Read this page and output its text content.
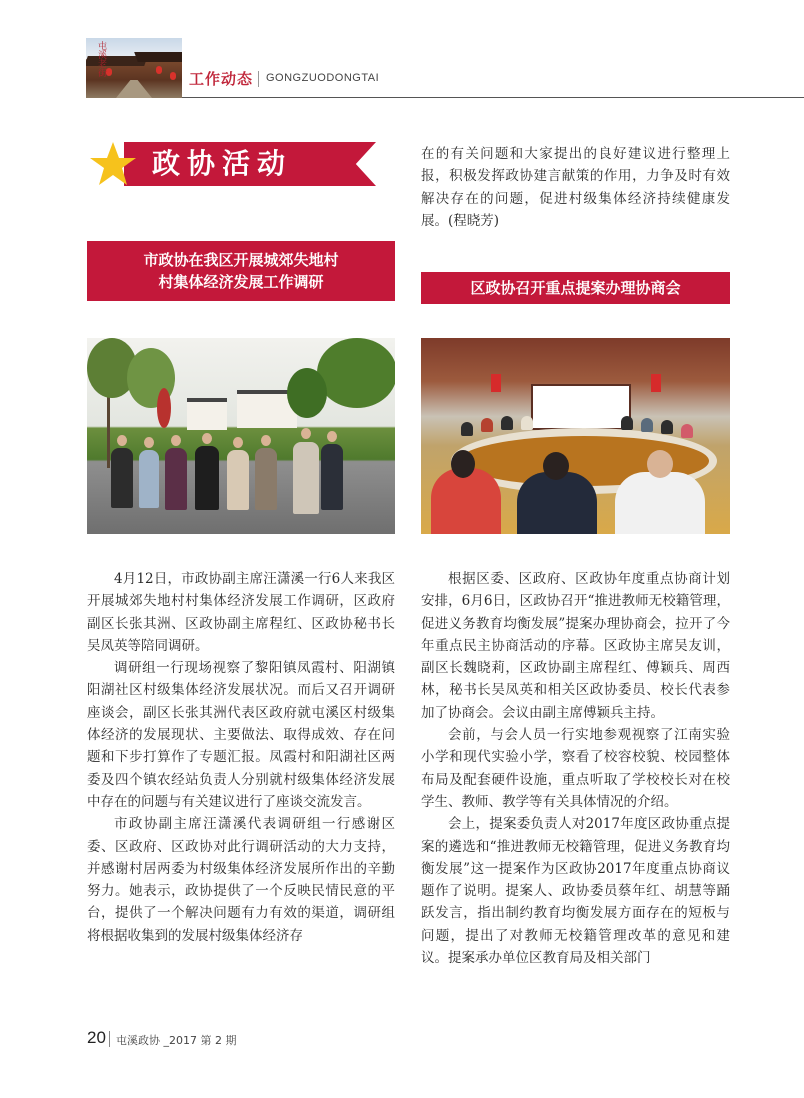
屯溪老街
工作动态 GONGZUODONGTAI
政协活动	在的有关问题和大家提出的良好建议进行整理上报，积极发挥政协建言献策的作用，力争及时有效解决存在的问题，促进村级集体经济持续健康发展。(程晓芳)

市政协在我区开展城郊失地村
村集体经济发展工作调研	区政协召开重点提案办理协商会

4月12日，市政协副主席汪潇溪一行6人来我区开展城郊失地村村集体经济发展工作调研，区政府副区长张其洲、区政协副主席程红、区政协秘书长吴凤英等陪同调研。

调研组一行现场视察了黎阳镇凤霞村、阳湖镇阳湖社区村级集体经济发展状况。而后又召开调研座谈会，副区长张其洲代表区政府就屯溪区村级集体经济的发展现状、主要做法、取得成效、存在问题和下步打算作了专题汇报。凤霞村和阳湖社区两委及四个镇农经站负责人分别就村级集体经济发展中存在的问题与有关建议进行了座谈交流发言。

市政协副主席汪潇溪代表调研组一行感谢区委、区政府、区政协对此行调研活动的大力支持，并感谢村居两委为村级集体经济发展所作出的辛勤努力。她表示，政协提供了一个反映民情民意的平台，提供了一个解决问题有力有效的渠道，调研组将根据收集到的发展村级集体经济存

根据区委、区政府、区政协年度重点协商计划安排，6月6日，区政协召开“推进教师无校籍管理，促进义务教育均衡发展”提案办理协商会，拉开了今年重点民主协商活动的序幕。区政协主席吴友训，副区长魏晓莉，区政协副主席程红、傅颖兵、周西林，秘书长吴凤英和相关区政协委员、校长代表参加了协商会。会议由副主席傅颖兵主持。

会前，与会人员一行实地参观视察了江南实验小学和现代实验小学，察看了校容校貌、校园整体布局及配套硬件设施，重点听取了学校校长对在校学生、教师、教学等有关具体情况的介绍。

会上，提案委负责人对2017年度区政协重点提案的遴选和“推进教师无校籍管理，促进义务教育均衡发展”这一提案作为区政协2017年度重点协商议题作了说明。提案人、政协委员蔡年红、胡慧等踊跃发言，指出制约教育均衡发展方面存在的短板与问题，提出了对教师无校籍管理改革的意见和建议。提案承办单位区教育局及相关部门

20 屯溪政协 _2017 第 2 期
